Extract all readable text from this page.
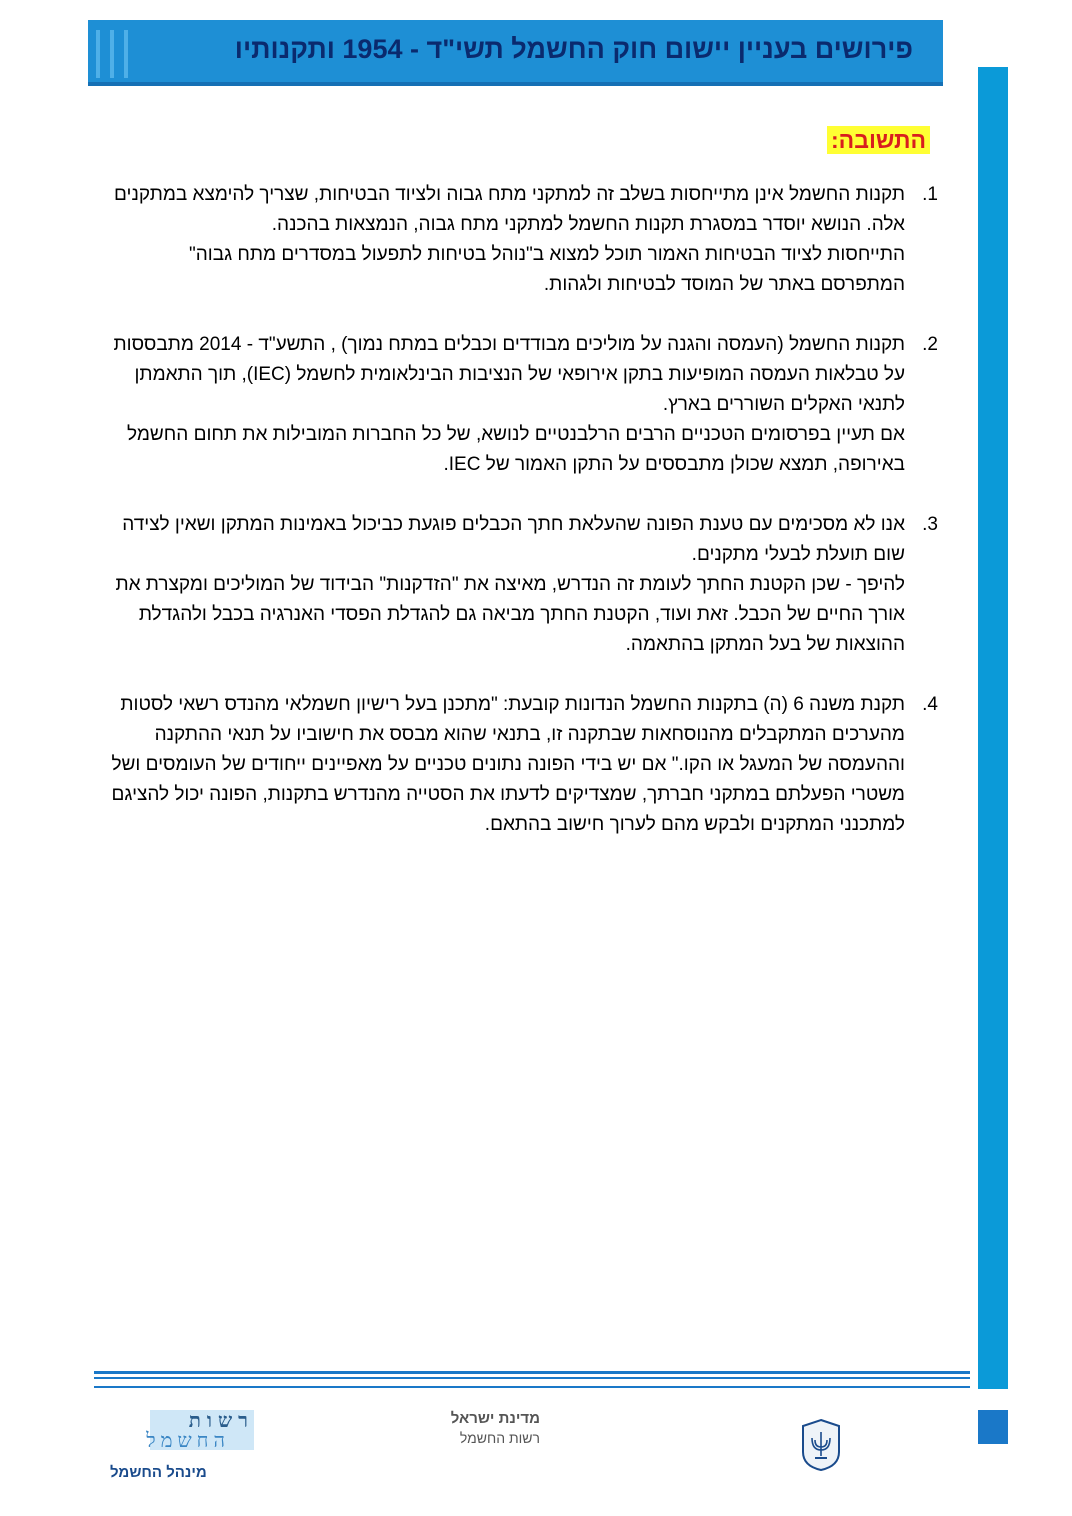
פירושים בעניין יישום חוק החשמל תשי"ד - 1954 ותקנותיו
התשובה:
1.

תקנות החשמל אינן מתייחסות בשלב זה למתקני מתח גבוה ולציוד הבטיחות, שצריך להימצא במתקנים אלה. הנושא יוסדר במסגרת תקנות החשמל למתקני מתח גבוה, הנמצאות בהכנה.

התייחסות לציוד הבטיחות האמור תוכל למצוא ב"נוהל בטיחות לתפעול במסדרים מתח גבוה" המתפרסם באתר של המוסד לבטיחות ולגהות.

2.

תקנות החשמל (העמסה והגנה על מוליכים מבודדים וכבלים במתח נמוך) , התשע"ד - 2014 מתבססות על טבלאות העמסה המופיעות בתקן אירופאי של הנציבות הבינלאומית לחשמל (IEC), תוך התאמתן לתנאי האקלים השוררים בארץ.

אם תעיין בפרסומים הטכניים הרבים הרלבנטיים לנושא, של כל החברות המובילות את תחום החשמל באירופה, תמצא שכולן מתבססים על התקן האמור של IEC.

3.

אנו לא מסכימים עם טענת הפונה שהעלאת חתך הכבלים פוגעת כביכול באמינות המתקן ושאין לצידה שום תועלת לבעלי מתקנים.

להיפך - שכן הקטנת החתך לעומת זה הנדרש, מאיצה את "הזדקנות" הבידוד של המוליכים ומקצרת את אורך החיים של הכבל. זאת ועוד, הקטנת החתך מביאה גם להגדלת הפסדי האנרגיה בכבל ולהגדלת ההוצאות של בעל המתקן בהתאמה.

4.

תקנת משנה 6 (ה) בתקנות החשמל הנדונות קובעת: "מתכנן בעל רישיון חשמלאי מהנדס רשאי לסטות מהערכים המתקבלים מהנוסחאות שבתקנה זו, בתנאי שהוא מבסס את חישוביו על תנאי ההתקנה וההעמסה של המעגל או הקו." אם יש בידי הפונה נתונים טכניים על מאפיינים ייחודים של העומסים ושל משטרי הפעלתם במתקני חברתך, שמצדיקים לדעתו את הסטייה מהנדרש בתקנות, הפונה יכול להציגם למתכנני המתקנים ולבקש מהם לערוך חישוב בהתאם.

רשות
החשמל
מינהל החשמל
מדינת ישראל
רשות החשמל
